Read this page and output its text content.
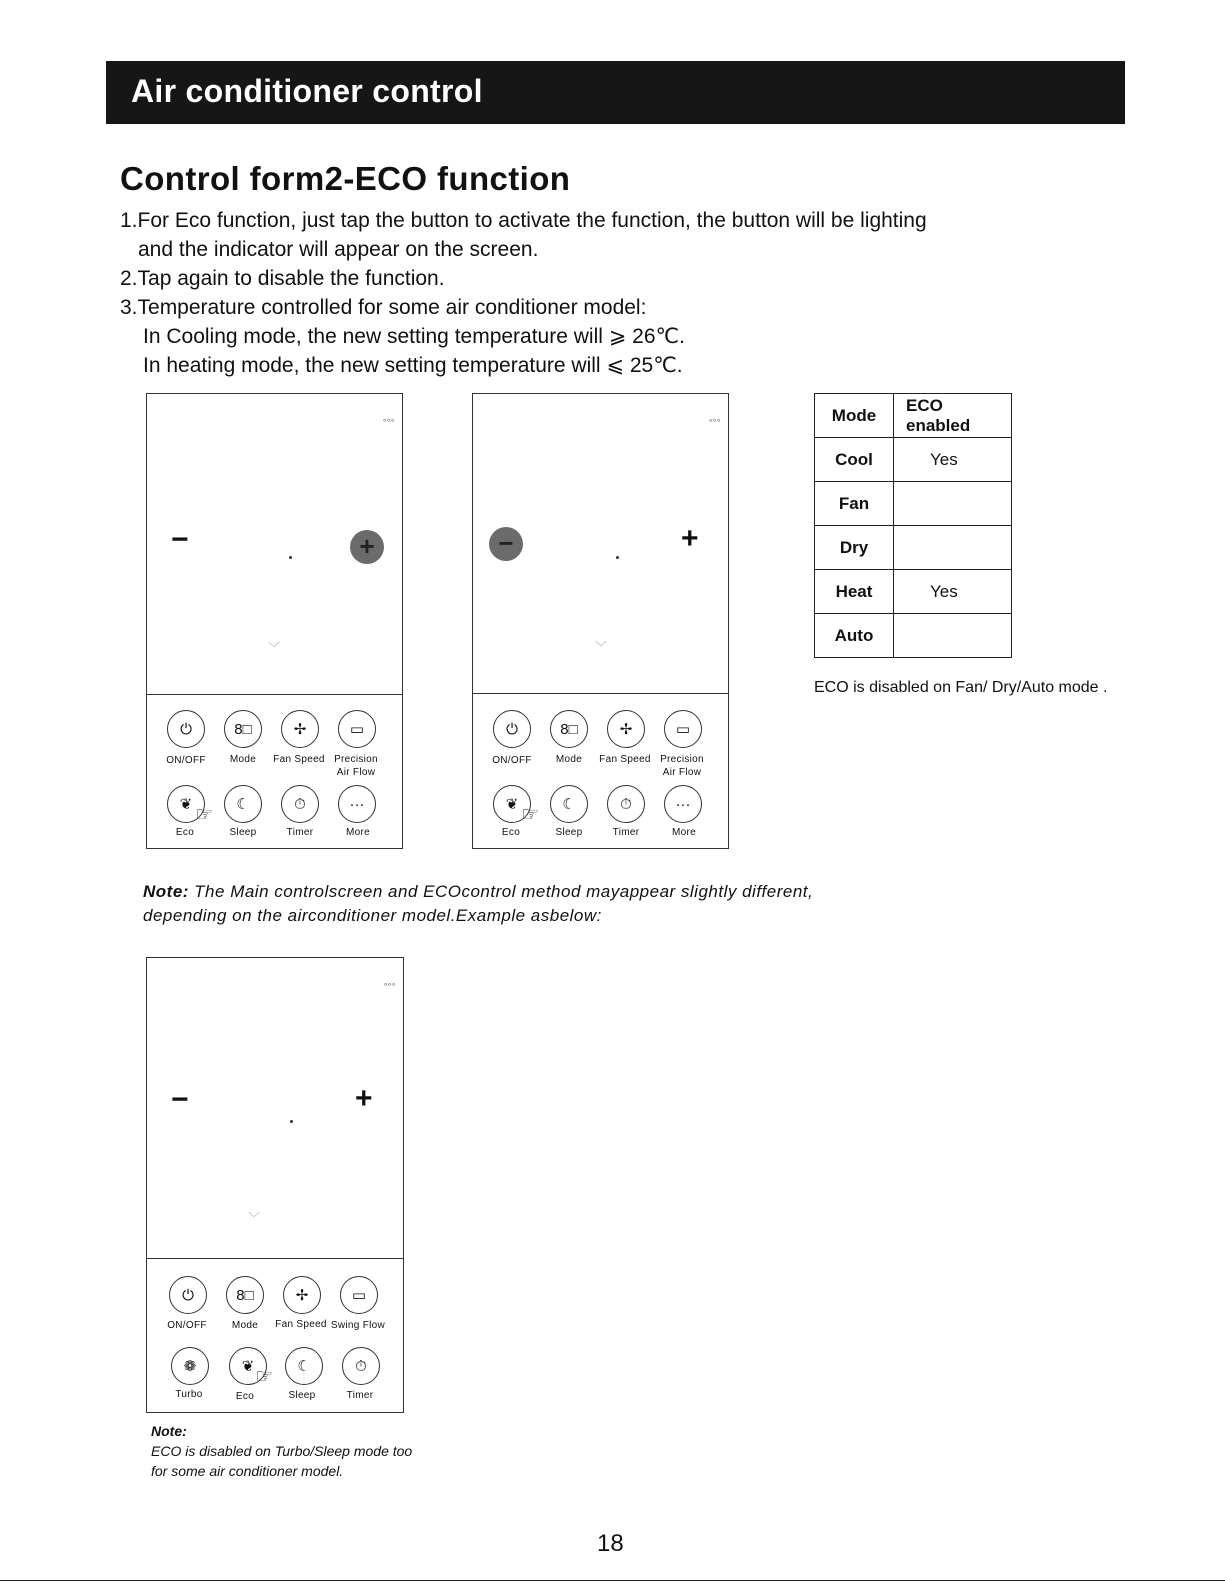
Air conditioner control
Control form2-ECO function
1.For Eco function, just tap the button to activate the function, the button will be lighting
and the indicator will appear on the screen.
2.Tap again to disable the function.
3.Temperature controlled for some air conditioner model:
In Cooling mode, the new setting temperature will ⩾ 26℃.
In heating mode, the new setting temperature will ⩽ 25℃.
∘∘∘
−	+
﹀
⏻	8□	✢	▭
ON/OFF	Mode	Fan Speed Precision
Air Flow
❦	☾	⏱	···
☜
Eco	Sleep	Timer	More
∘∘∘
−	+
﹀
⏻	8□	✢	▭
ON/OFF	Mode	Fan Speed Precision
Air Flow
❦	☾	⏱	···
☜
Eco	Sleep	Timer	More
Mode	ECO enabled
Cool	Yes
Fan	
Dry	
Heat	Yes
Auto	
ECO is disabled on Fan/ Dry/Auto mode .
Note: The Main controlscreen and ECOcontrol method mayappear slightly different,
depending on the airconditioner model.Example asbelow:
∘∘∘
−	+
﹀
⏻	8□	✢	▭
ON/OFF	Mode	Fan Speed Swing Flow
❁	❦	☾	⏱
☜
Turbo	Eco	Sleep	Timer
Note:
ECO is disabled on Turbo/Sleep mode too
for some air conditioner model.
18
